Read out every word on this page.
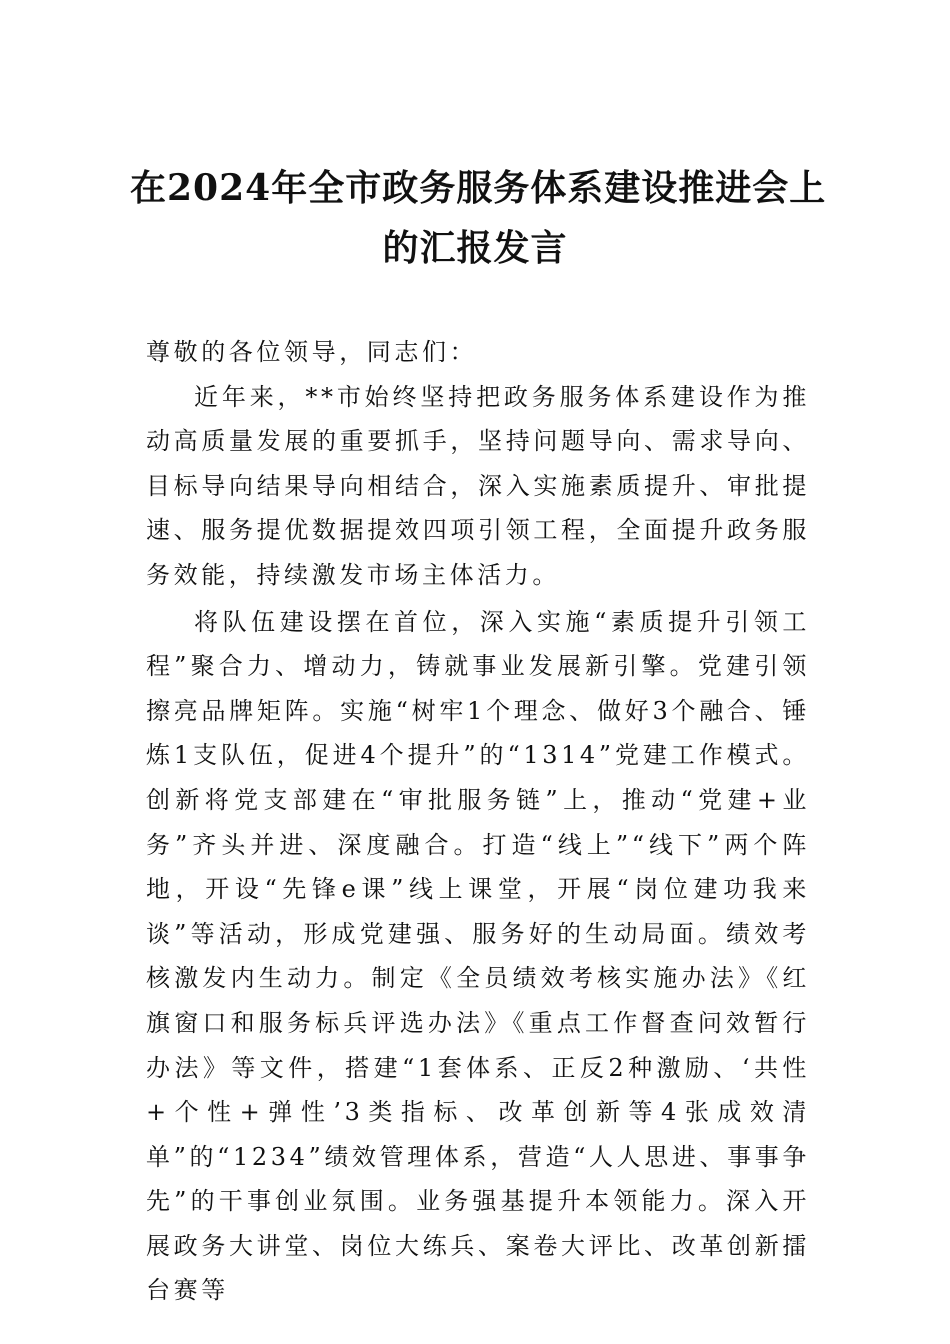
在2024年全市政务服务体系建设推进会上
的汇报发言

尊敬的各位领导，同志们：

近年来，**市始终坚持把政务服务体系建设作为推动高质量发展的重要抓手，坚持问题导向、需求导向、目标导向结果导向相结合，深入实施素质提升、审批提速、服务提优数据提效四项引领工程，全面提升政务服务效能，持续激发市场主体活力。

将队伍建设摆在首位，深入实施“素质提升引领工程”聚合力、增动力，铸就事业发展新引擎。党建引领擦亮品牌矩阵。实施“树牢1个理念、做好3个融合、锤炼1支队伍，促进4个提升”的“1314”党建工作模式。创新将党支部建在“审批服务链”上，推动“党建+业务”齐头并进、深度融合。打造“线上”“线下”两个阵地，开设“先锋e课”线上课堂，开展“岗位建功我来谈”等活动，形成党建强、服务好的生动局面。绩效考核激发内生动力。制定《全员绩效考核实施办法》《红旗窗口和服务标兵评选办法》《重点工作督查问效暂行办法》等文件，搭建“1套体系、正反2种激励、‘共性+个性+弹性’3类指标、改革创新等4张成效清单”的“1234”绩效管理体系，营造“人人思进、事事争先”的干事创业氛围。业务强基提升本领能力。深入开展政务大讲堂、岗位大练兵、案卷大评比、改革创新擂台赛等
